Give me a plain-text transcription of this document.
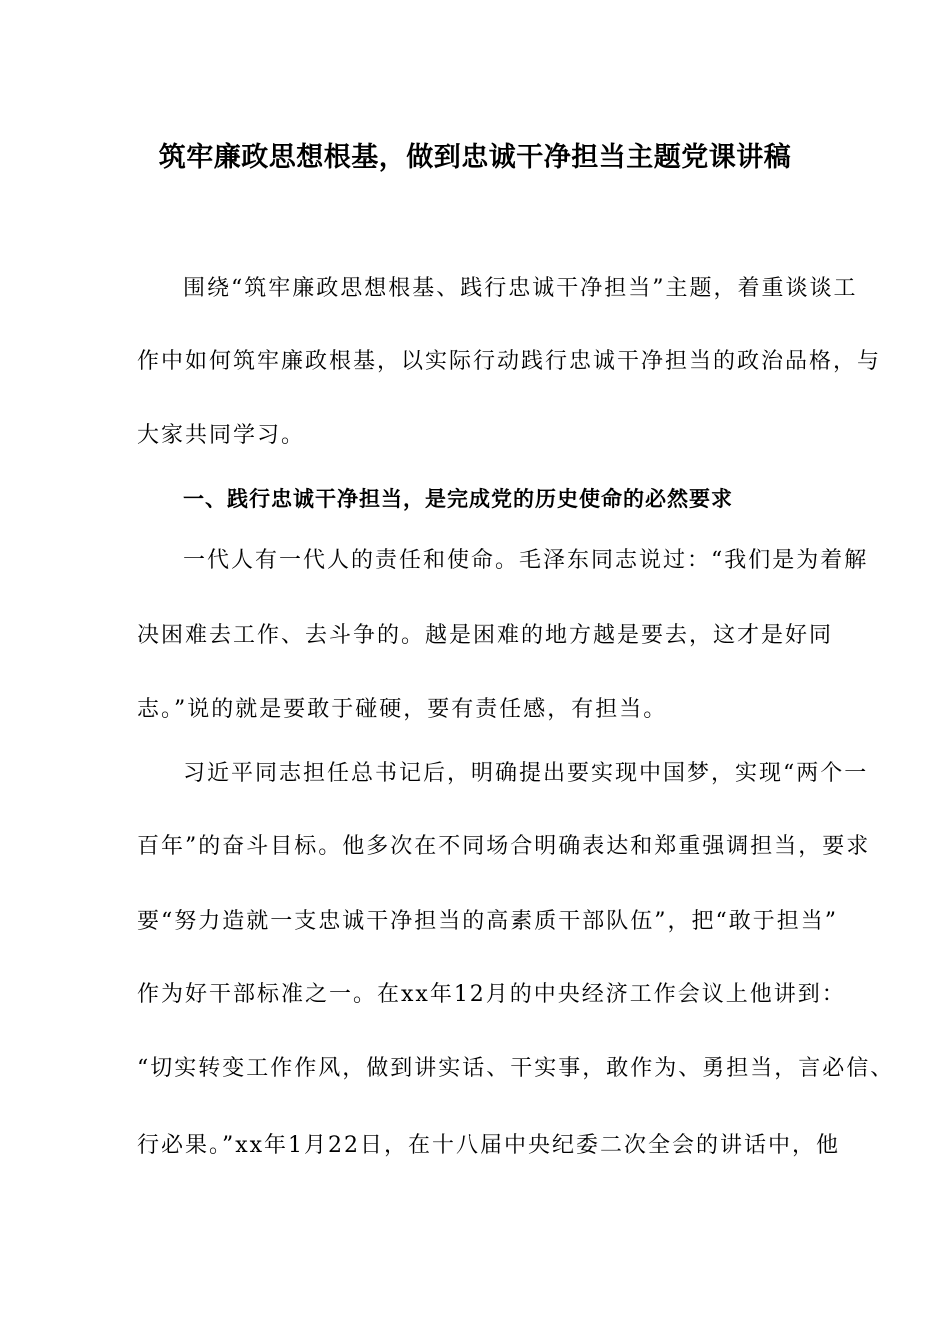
筑牢廉政思想根基，做到忠诚干净担当主题党课讲稿
围绕“筑牢廉政思想根基、践行忠诚干净担当”主题，着重谈谈工
作中如何筑牢廉政根基，以实际行动践行忠诚干净担当的政治品格，与
大家共同学习。
一、践行忠诚干净担当，是完成党的历史使命的必然要求
一代人有一代人的责任和使命。毛泽东同志说过：“我们是为着解
决困难去工作、去斗争的。越是困难的地方越是要去，这才是好同
志。”说的就是要敢于碰硬，要有责任感，有担当。
习近平同志担任总书记后，明确提出要实现中国梦，实现“两个一
百年”的奋斗目标。他多次在不同场合明确表达和郑重强调担当，要求
要“努力造就一支忠诚干净担当的高素质干部队伍”，把“敢于担当”
作为好干部标准之一。在xx年12月的中央经济工作会议上他讲到：
“切实转变工作作风，做到讲实话、干实事，敢作为、勇担当，言必信、
行必果。”xx年1月22日，在十八届中央纪委二次全会的讲话中，他
